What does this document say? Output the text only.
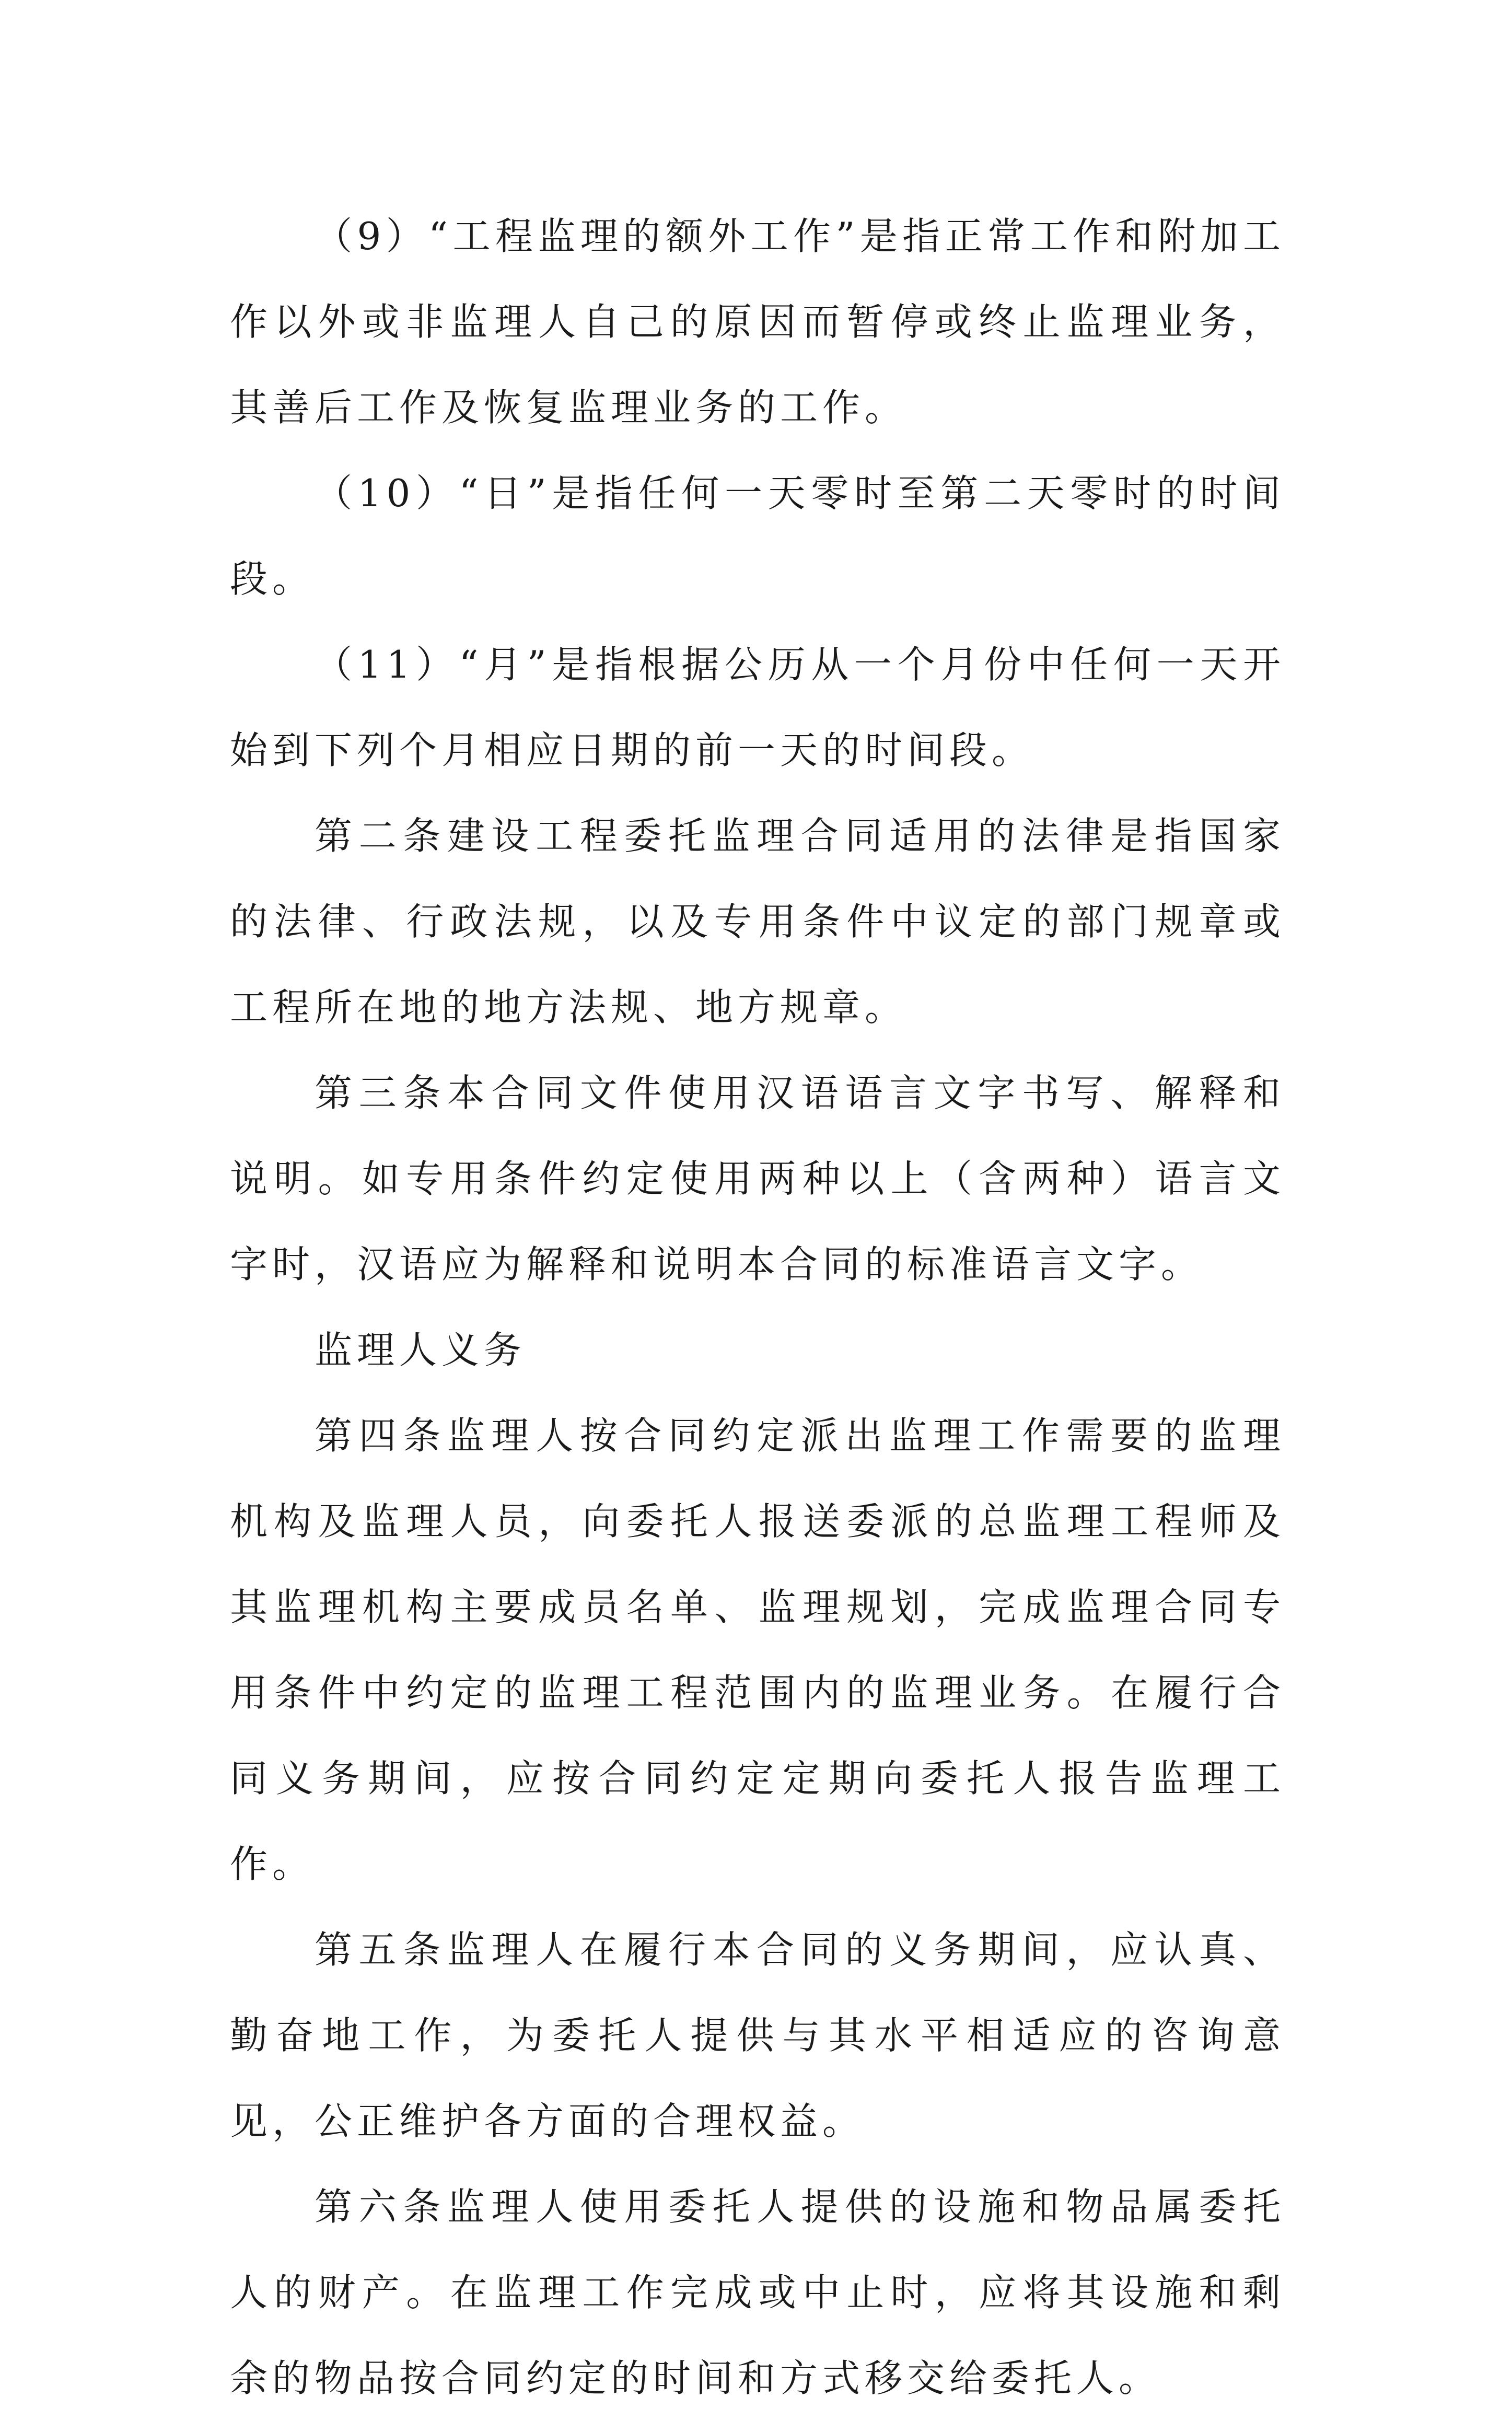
（9）“工程监理的额外工作”是指正常工作和附加工作以外或非监理人自己的原因而暂停或终止监理业务，其善后工作及恢复监理业务的工作。

（10）“日”是指任何一天零时至第二天零时的时间段。

（11）“月”是指根据公历从一个月份中任何一天开始到下列个月相应日期的前一天的时间段。

第二条建设工程委托监理合同适用的法律是指国家的法律、行政法规，以及专用条件中议定的部门规章或工程所在地的地方法规、地方规章。

第三条本合同文件使用汉语语言文字书写、解释和说明。如专用条件约定使用两种以上（含两种）语言文字时，汉语应为解释和说明本合同的标准语言文字。

监理人义务

第四条监理人按合同约定派出监理工作需要的监理机构及监理人员，向委托人报送委派的总监理工程师及其监理机构主要成员名单、监理规划，完成监理合同专用条件中约定的监理工程范围内的监理业务。在履行合同义务期间，应按合同约定定期向委托人报告监理工作。

第五条监理人在履行本合同的义务期间，应认真、勤奋地工作，为委托人提供与其水平相适应的咨询意见，公正维护各方面的合理权益。

第六条监理人使用委托人提供的设施和物品属委托人的财产。在监理工作完成或中止时，应将其设施和剩余的物品按合同约定的时间和方式移交给委托人。
